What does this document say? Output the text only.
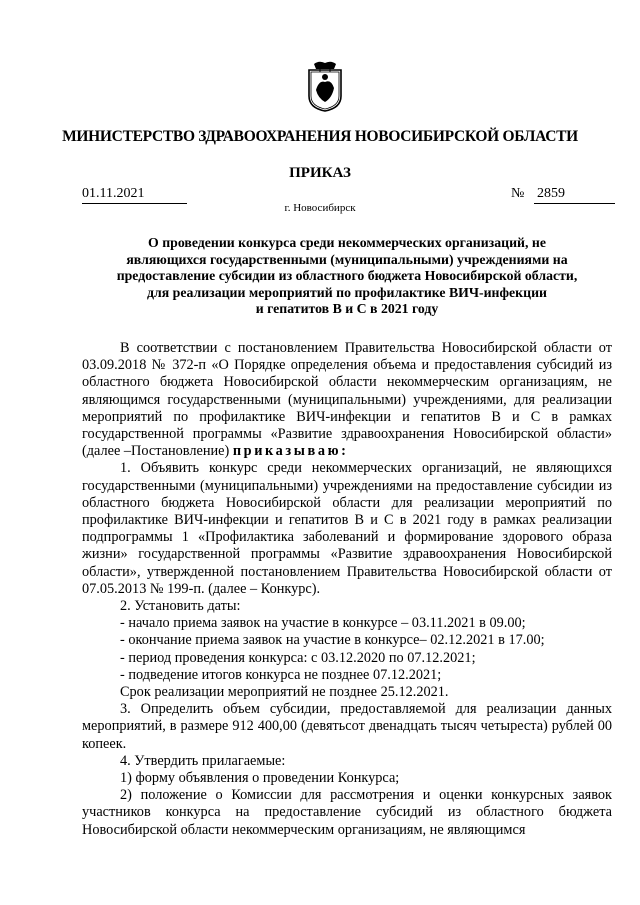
МИНИСТЕРСТВО ЗДРАВООХРАНЕНИЯ НОВОСИБИРСКОЙ ОБЛАСТИ
ПРИКАЗ
01.11.2021	№ 2859
г. Новосибирск
О проведении конкурса среди некоммерческих организаций, не
являющихся государственными (муниципальными) учреждениями на
предоставление субсидии из областного бюджета Новосибирской области,
для реализации мероприятий по профилактике ВИЧ-инфекции
и гепатитов В и С в 2021 году

В соответствии с постановлением Правительства Новосибирской области от 03.09.2018 № 372-п «О Порядке определения объема и предоставления субсидий из областного бюджета Новосибирской области некоммерческим организациям, не являющимся государственными (муниципальными) учреждениями, для реализации мероприятий по профилактике ВИЧ-инфекции и гепатитов В и С в рамках государственной программы «Развитие здравоохранения Новосибирской области» (далее –Постановление) приказываю:

1. Объявить конкурс среди некоммерческих организаций, не являющихся государственными (муниципальными) учреждениями на предоставление субсидии из областного бюджета Новосибирской области для реализации мероприятий по профилактике ВИЧ-инфекции и гепатитов В и С в 2021 году в рамках реализации подпрограммы 1 «Профилактика заболеваний и формирование здорового образа жизни» государственной программы «Развитие здравоохранения Новосибирской области», утвержденной постановлением Правительства Новосибирской области от 07.05.2013 № 199-п. (далее – Конкурс).

2. Установить даты:

- начало приема заявок на участие в конкурсе – 03.11.2021 в 09.00;

- окончание приема заявок на участие в конкурсе– 02.12.2021 в 17.00;

- период проведения конкурса: с 03.12.2020 по 07.12.2021;

- подведение итогов конкурса не позднее 07.12.2021;

Срок реализации мероприятий не позднее 25.12.2021.

3. Определить объем субсидии, предоставляемой для реализации данных мероприятий, в размере 912 400,00 (девятьсот двенадцать тысяч четыреста) рублей 00 копеек.

4. Утвердить прилагаемые:

1) форму объявления о проведении Конкурса;

2) положение о Комиссии для рассмотрения и оценки конкурсных заявок участников конкурса на предоставление субсидий из областного бюджета Новосибирской области некоммерческим организациям, не являющимся
